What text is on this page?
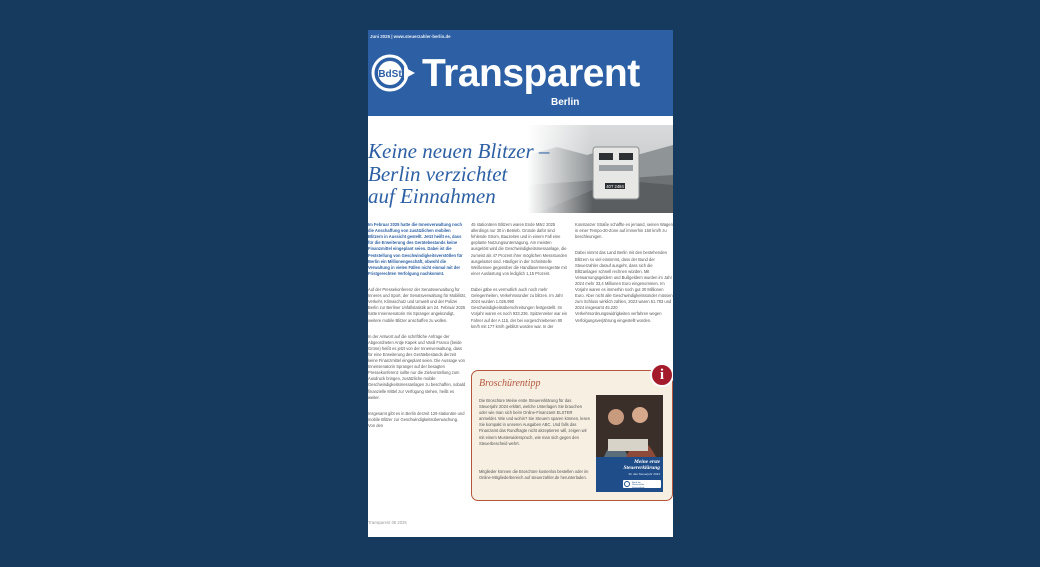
Juni 2025 | www.steuerzahler-berlin.de
BdSt Transparent
Berlin
Keine neuen Blitzer –
Berlin verzichtet
auf Einnahmen

Im Februar 2025 hatte die Innenverwaltung noch die Anschaffung von zusätzlichen mobilen Blitzern in Aussicht gestellt. Jetzt heißt es, dass für die Erweiterung des Gerätebestands keine Finanzmittel eingeplant seien. Dabei ist die Feststellung von Geschwindigkeitsverstößen für Berlin ein Millionengeschäft, obwohl die Verwaltung in vielen Fällen nicht einmal mit der Fristgerechten Verfolgung nachkommt.

Auf der Pressekonferenz der Senatsverwaltung für Inneres und Sport, der Senatsverwaltung für Mobilität, Verkehr, Klimaschutz und Umwelt und der Polizei Berlin zur Berliner Unfallstatistik am 24. Februar 2025 hatte Innensenatorin Iris Spranger angekündigt, weitere mobile Blitzer anschaffen zu wollen.

In der Antwort auf die schriftliche Anfrage der Abgeordneten Antje Kapek und Vasili Franco (beide Grüne) heißt es jetzt von der Innenverwaltung, dass für eine Erweiterung des Gerätebestands derzeit keine Finanzmittel eingeplant seien. Die Aussage von Innensenatorin Spranger auf der besagten Pressekonferenz sollte nur die Zielvorstellung zum Ausdruck bringen, zusätzliche mobile Geschwindigkeitsmessanlagen zu beschaffen, sobald finanzielle Mittel zur Verfügung stehen, heißt es weiter.

Insgesamt gibt es in Berlin derzeit 129 stationäre und mobile Blitzer zur Geschwindigkeitsüberwachung. Von den

45 stationären Blitzern waren Ende März 2025 allerdings nur 30 in Betrieb. Gründe dafür sind fehlende Strom, Bauzeiten und in einem Fall eine geplante Nutzungsuntersagung. Am meisten ausgelöst wird die Geschwindigkeitsmessanlage, die zumeist als 47 Prozent ihrer möglichen Messstunden ausgelastet sind. Häufiger in der Schnitstelle Weißensee gegenüber die Handlasermessgeräte mit einer Auslastung von lediglich 1,15 Prozent.

Dabei gäbe es vermutlich auch noch mehr Gelegenheiten, Verkehrssünder zu blitzen. Im Jahr 2024 wurden 1.026.990 Geschwindigkeitsüberschreitungen festgestellt. Im Vorjahr waren es noch 933.236. Spitzenreiter war ein Fahrer auf der A 115, der bei vorgeschriebenen 80 km/h mit 177 km/h geblitzt worden war. In der

Konstanzer Straße schaffte es jemand, seinen Wagen in einer Tempo-30-Zone auf immerhin 150 km/h zu beschleunigen.

Dabei nimmt das Land Berlin mit den bestehenden Blitzern so viel einnimmt, dass der Bund der Steuerzahler darauf ausgeht, dass sich die Blitzanlagen schnell rechnen würden. Mit Verwarnungsgeldern und Bußgeldern wurden im Jahr 2024 mehr 33,4 Millionen Euro eingenommen. Im Vorjahr waren es immerhin noch gut 30 Millionen Euro. Aber nicht alle Geschwindigkeitssünder müssen zum Schluss wirklich zahlen, 2023 waren 51.783 und 2024 insgesamt 45.220 Verkehrsordnungswidrigkeiten verfahren wegen Verfolgungsverjährung eingestellt worden.

Broschürentipp
Die Broschüre Meine erste Steuererklärung für das Steuerjahr 2024 erklärt, welche Unterlagen Sie brauchen oder wie man sich beim Online-Finanzamt ELSTER anmeldet. Wie und wohin? Sie Steuern sparen können, lesen Sie kompakt in unseren Ausgaben ABC. Und falls das Finanzamt das Rundfragte nicht akzeptieren will, zeigen wir mit einem Musterwiderspruch, wie man sich gegen den Steuerbescheid wehrt.
Mitglieder können die Broschüre kostenlos bestellen oder im Online-Mitgliederbereich auf steuerzahler.de herunterladen.
Meine erste
Steuererklärung
für das Steuerjahr 2024
Bund der
Steuerzahler
Deutschland
i
Transparent 06 2025	1
